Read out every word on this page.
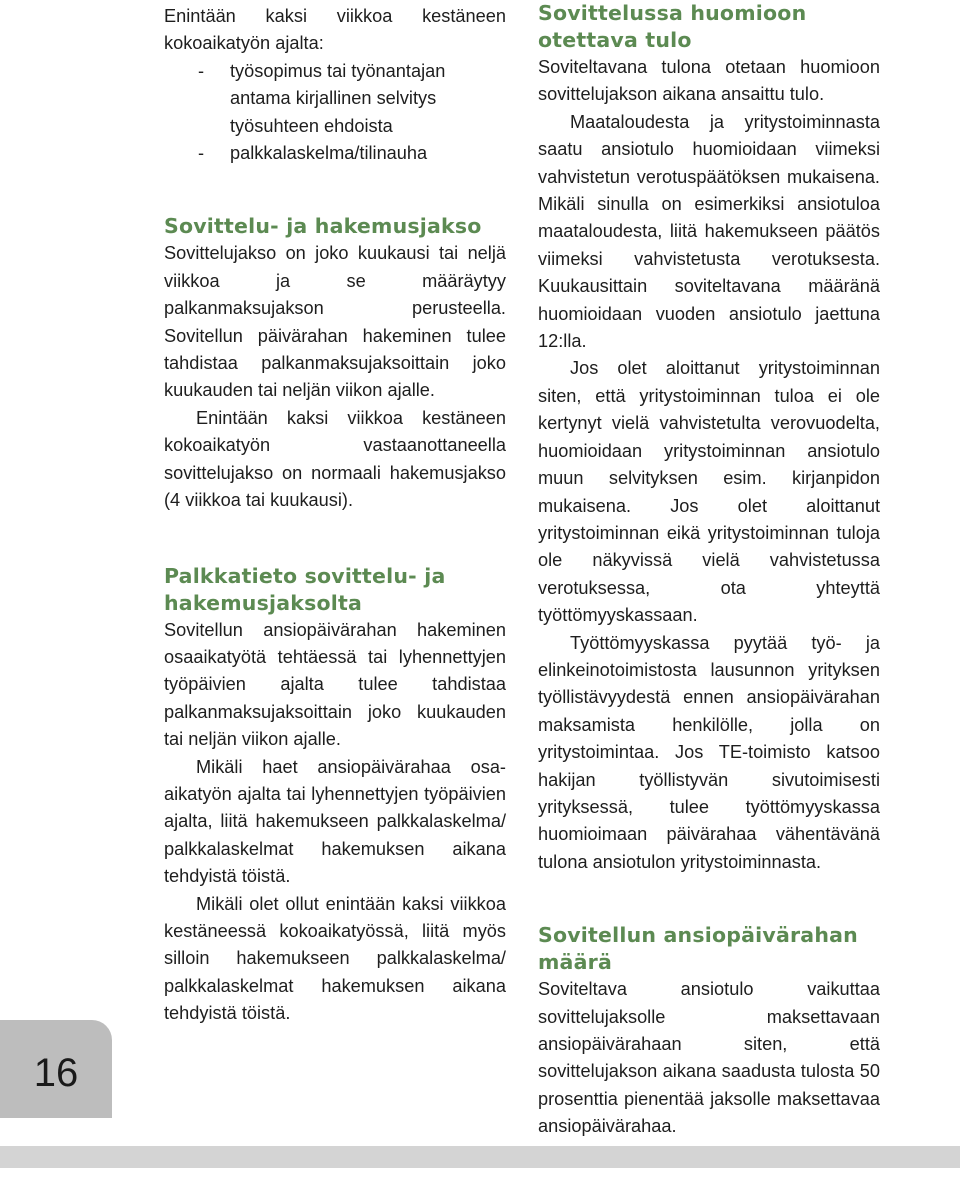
Enintään kaksi viikkoa kestäneen kokoaikatyön ajalta:

-	työsopimus tai työnantajan antama kirjallinen selvitys työsuhteen ehdoista
-	palkkalaskelma/tilinauha
Sovittelu- ja hakemusjakso

Sovittelujakso on joko kuukausi tai neljä viikkoa ja se määräytyy palkanmaksujakson perusteella. Sovitellun päivärahan hakeminen tulee tahdistaa palkanmaksujaksoittain joko kuukauden tai neljän viikon ajalle.

Enintään kaksi viikkoa kestäneen kokoaikatyön vastaanottaneella sovittelujakso on normaali hakemusjakso (4 viikkoa tai kuukausi).

Palkkatieto sovittelu- ja hakemusjaksolta

Sovitellun ansiopäivärahan hakeminen osaaikatyötä tehtäessä tai lyhennettyjen työpäivien ajalta tulee tahdistaa palkanmaksujaksoittain joko kuukauden tai neljän viikon ajalle.

Mikäli haet ansiopäivärahaa osa-aikatyön ajalta tai lyhennettyjen työpäivien ajalta, liitä hakemukseen palkkalaskelma/ palkkalaskelmat hakemuksen aikana tehdyistä töistä.

Mikäli olet ollut enintään kaksi viikkoa kestäneessä kokoaikatyössä, liitä myös silloin hakemukseen palkkalaskelma/ palkkalaskelmat hakemuksen aikana tehdyistä töistä.

Sovittelussa huomioon otettava tulo

Soviteltavana tulona otetaan huomioon sovittelujakson aikana ansaittu tulo.

Maataloudesta ja yritystoiminnasta saatu ansiotulo huomioidaan viimeksi vahvistetun verotuspäätöksen mukaisena. Mikäli sinulla on esimerkiksi ansiotuloa maataloudesta, liitä hakemukseen päätös viimeksi vahvistetusta verotuksesta. Kuukausittain soviteltavana määränä huomioidaan vuoden ansiotulo jaettuna 12:lla.

Jos olet aloittanut yritystoiminnan siten, että yritystoiminnan tuloa ei ole kertynyt vielä vahvistetulta verovuodelta, huomioidaan yritystoiminnan ansiotulo muun selvityksen esim. kirjanpidon mukaisena. Jos olet aloittanut yritystoiminnan eikä yritystoiminnan tuloja ole näkyvissä vielä vahvistetussa verotuksessa, ota yhteyttä työttömyyskassaan.

Työttömyyskassa pyytää työ- ja elinkeinotoimistosta lausunnon yrityksen työllistävyydestä ennen ansiopäivärahan maksamista henkilölle, jolla on yritystoimintaa. Jos TE-toimisto katsoo hakijan työllistyvän sivutoimisesti yrityksessä, tulee työttömyyskassa huomioimaan päivärahaa vähentävänä tulona ansiotulon yritystoiminnasta.

Sovitellun ansiopäivärahan määrä

Soviteltava ansiotulo vaikuttaa sovittelujaksolle maksettavaan ansiopäivärahaan siten, että sovittelujakson aikana saadusta tulosta 50 prosenttia pienentää jaksolle maksettavaa ansiopäivärahaa.

16
